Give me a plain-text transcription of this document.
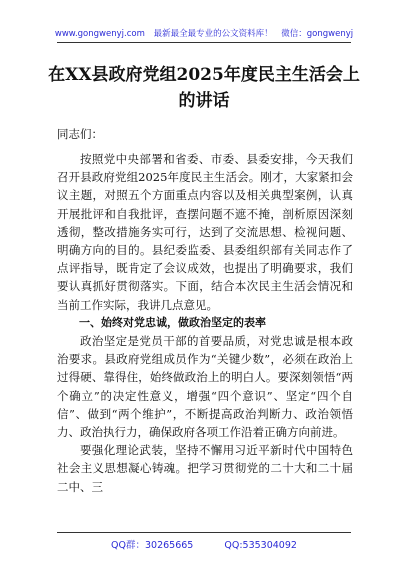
www.gongwenyj.com 最新最全最专业的公文资料库！ 微信：gongwenyj
在XX县政府党组2025年度民主生活会上的讲话
同志们：

按照党中央部署和省委、市委、县委安排，今天我们召开县政府党组2025年度民主生活会。刚才，大家紧扣会议主题，对照五个方面重点内容以及相关典型案例，认真开展批评和自我批评，查摆问题不遮不掩，剖析原因深刻透彻，整改措施务实可行，达到了交流思想、检视问题、明确方向的目的。县纪委监委、县委组织部有关同志作了点评指导，既肯定了会议成效，也提出了明确要求，我们要认真抓好贯彻落实。下面，结合本次民主生活会情况和当前工作实际，我讲几点意见。

一、始终对党忠诚，做政治坚定的表率

政治坚定是党员干部的首要品质，对党忠诚是根本政治要求。县政府党组成员作为“关键少数”，必须在政治上过得硬、靠得住，始终做政治上的明白人。要深刻领悟“两个确立”的决定性意义，增强“四个意识”、坚定“四个自信”、做到“两个维护”，不断提高政治判断力、政治领悟力、政治执行力，确保政府各项工作沿着正确方向前进。

要强化理论武装，坚持不懈用习近平新时代中国特色社会主义思想凝心铸魂。把学习贯彻党的二十大和二十届二中、三

QQ群：30265665	QQ:535304092
